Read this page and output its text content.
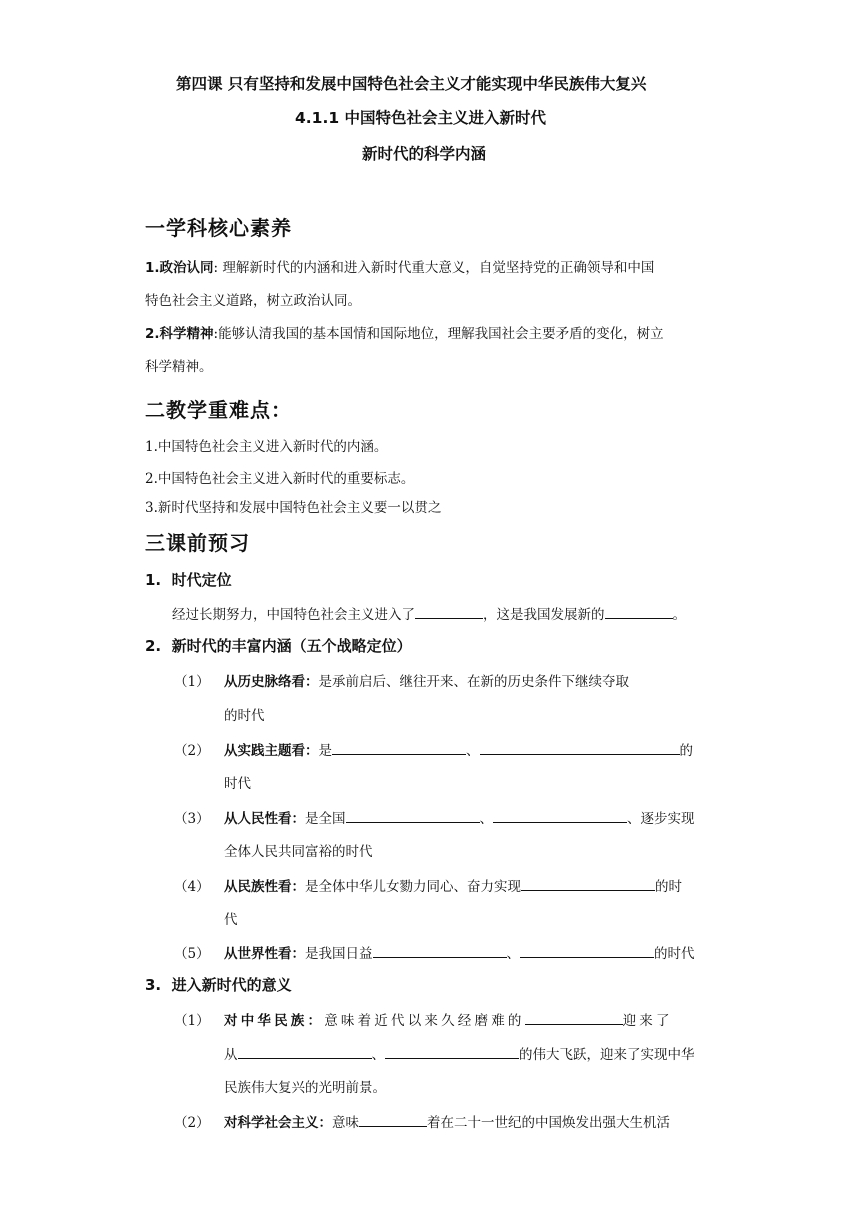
第四课 只有坚持和发展中国特色社会主义才能实现中华民族伟大复兴
4.1.1 中国特色社会主义进入新时代
新时代的科学内涵
一学科核心素养
1.政治认同: 理解新时代的内涵和进入新时代重大意义，自觉坚持党的正确领导和中国
特色社会主义道路，树立政治认同。
2.科学精神:能够认清我国的基本国情和国际地位，理解我国社会主要矛盾的变化，树立
科学精神。
二教学重难点：
1.中国特色社会主义进入新时代的内涵。
2.中国特色社会主义进入新时代的重要标志。
3.新时代坚持和发展中国特色社会主义要一以贯之
三课前预习
1. 时代定位
经过长期努力，中国特色社会主义进入了	，这是我国发展新的	。
2. 新时代的丰富内涵（五个战略定位）
（1） 从历史脉络看：是承前启后、继往开来、在新的历史条件下继续夺取
的时代
（2） 从实践主题看：是	、	的
时代
（3） 从人民性看：是全国	、	、逐步实现
全体人民共同富裕的时代
（4） 从民族性看：是全体中华儿女勠力同心、奋力实现	的时
代
（5） 从世界性看：是我国日益	、	的时代
3. 进入新时代的意义
（1） 对中华民族：意味着近代以来久经磨难的	迎来了
从	、	的伟大飞跃，迎来了实现中华
民族伟大复兴的光明前景。
（2） 对科学社会主义：意味	着在二十一世纪的中国焕发出强大生机活
